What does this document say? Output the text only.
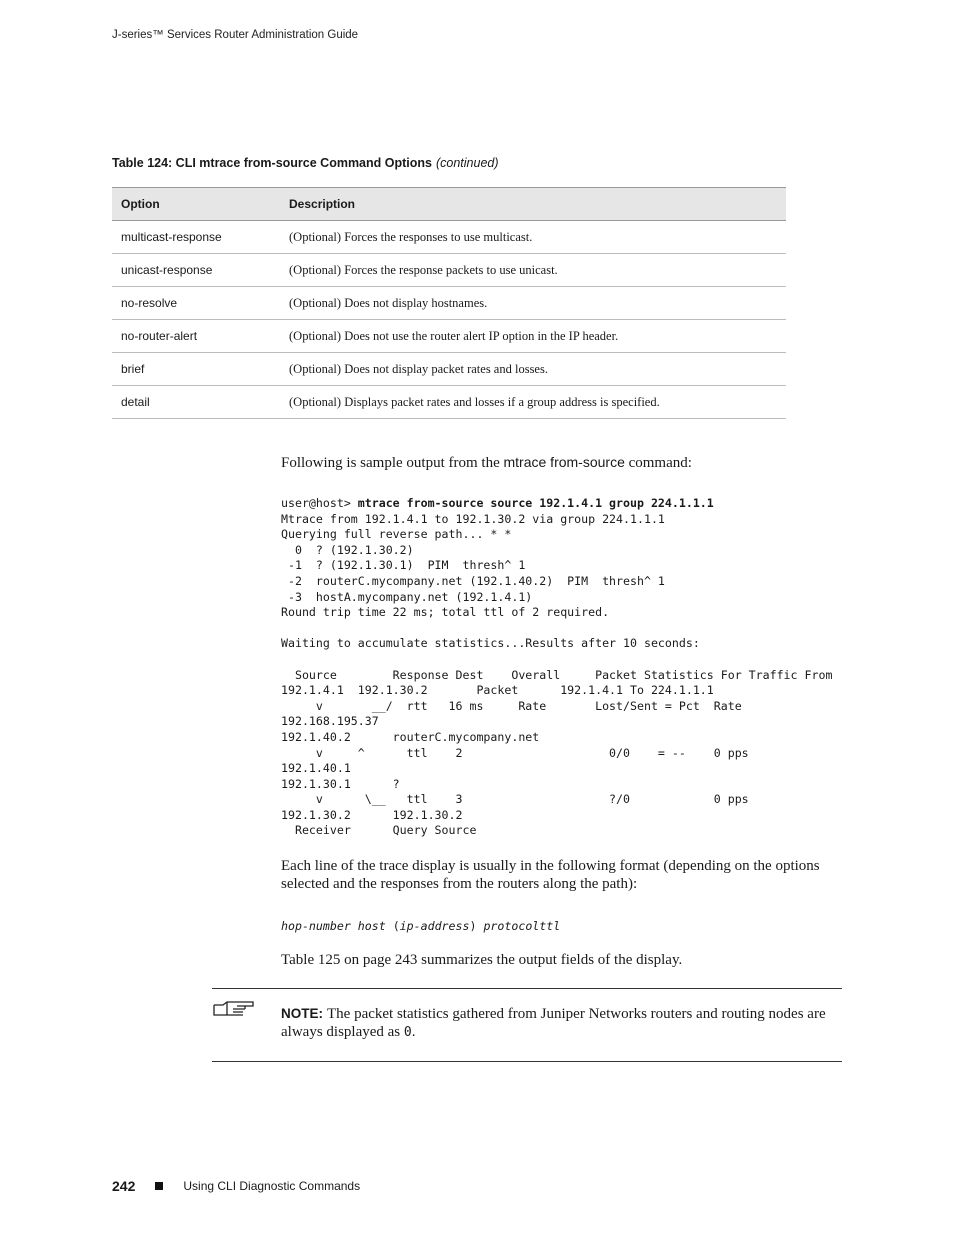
J-series™ Services Router Administration Guide
Table 124: CLI mtrace from-source Command Options (continued)
Option	Description
multicast-response	(Optional) Forces the responses to use multicast.
unicast-response	(Optional) Forces the response packets to use unicast.
no-resolve	(Optional) Does not display hostnames.
no-router-alert	(Optional) Does not use the router alert IP option in the IP header.
brief	(Optional) Does not display packet rates and losses.
detail	(Optional) Displays packet rates and losses if a group address is specified.
Following is sample output from the mtrace from-source command:
user@host> mtrace from-source source 192.1.4.1 group 224.1.1.1
Mtrace from 192.1.4.1 to 192.1.30.2 via group 224.1.1.1
Querying full reverse path... * *
0  ? (192.1.30.2)
-1  ? (192.1.30.1)  PIM  thresh^ 1
-2  routerC.mycompany.net (192.1.40.2)  PIM  thresh^ 1
-3  hostA.mycompany.net (192.1.4.1)
Round trip time 22 ms; total ttl of 2 required.

Waiting to accumulate statistics...Results after 10 seconds:

Source        Response Dest    Overall     Packet Statistics For Traffic From
192.1.4.1  192.1.30.2       Packet      192.1.4.1 To 224.1.1.1
v       __/  rtt   16 ms     Rate       Lost/Sent = Pct  Rate
192.168.195.37
192.1.40.2      routerC.mycompany.net
v     ^      ttl    2                     0/0    = --    0 pps
192.1.40.1
192.1.30.1      ?
v      \__   ttl    3                     ?/0            0 pps
192.1.30.2      192.1.30.2
Receiver      Query Source
Each line of the trace display is usually in the following format (depending on the options selected and the responses from the routers along the path):
hop-number host (ip-address) protocolttl
Table 125 on page 243 summarizes the output fields of the display.
NOTE: The packet statistics gathered from Juniper Networks routers and routing nodes are always displayed as 0.
242	Using CLI Diagnostic Commands
